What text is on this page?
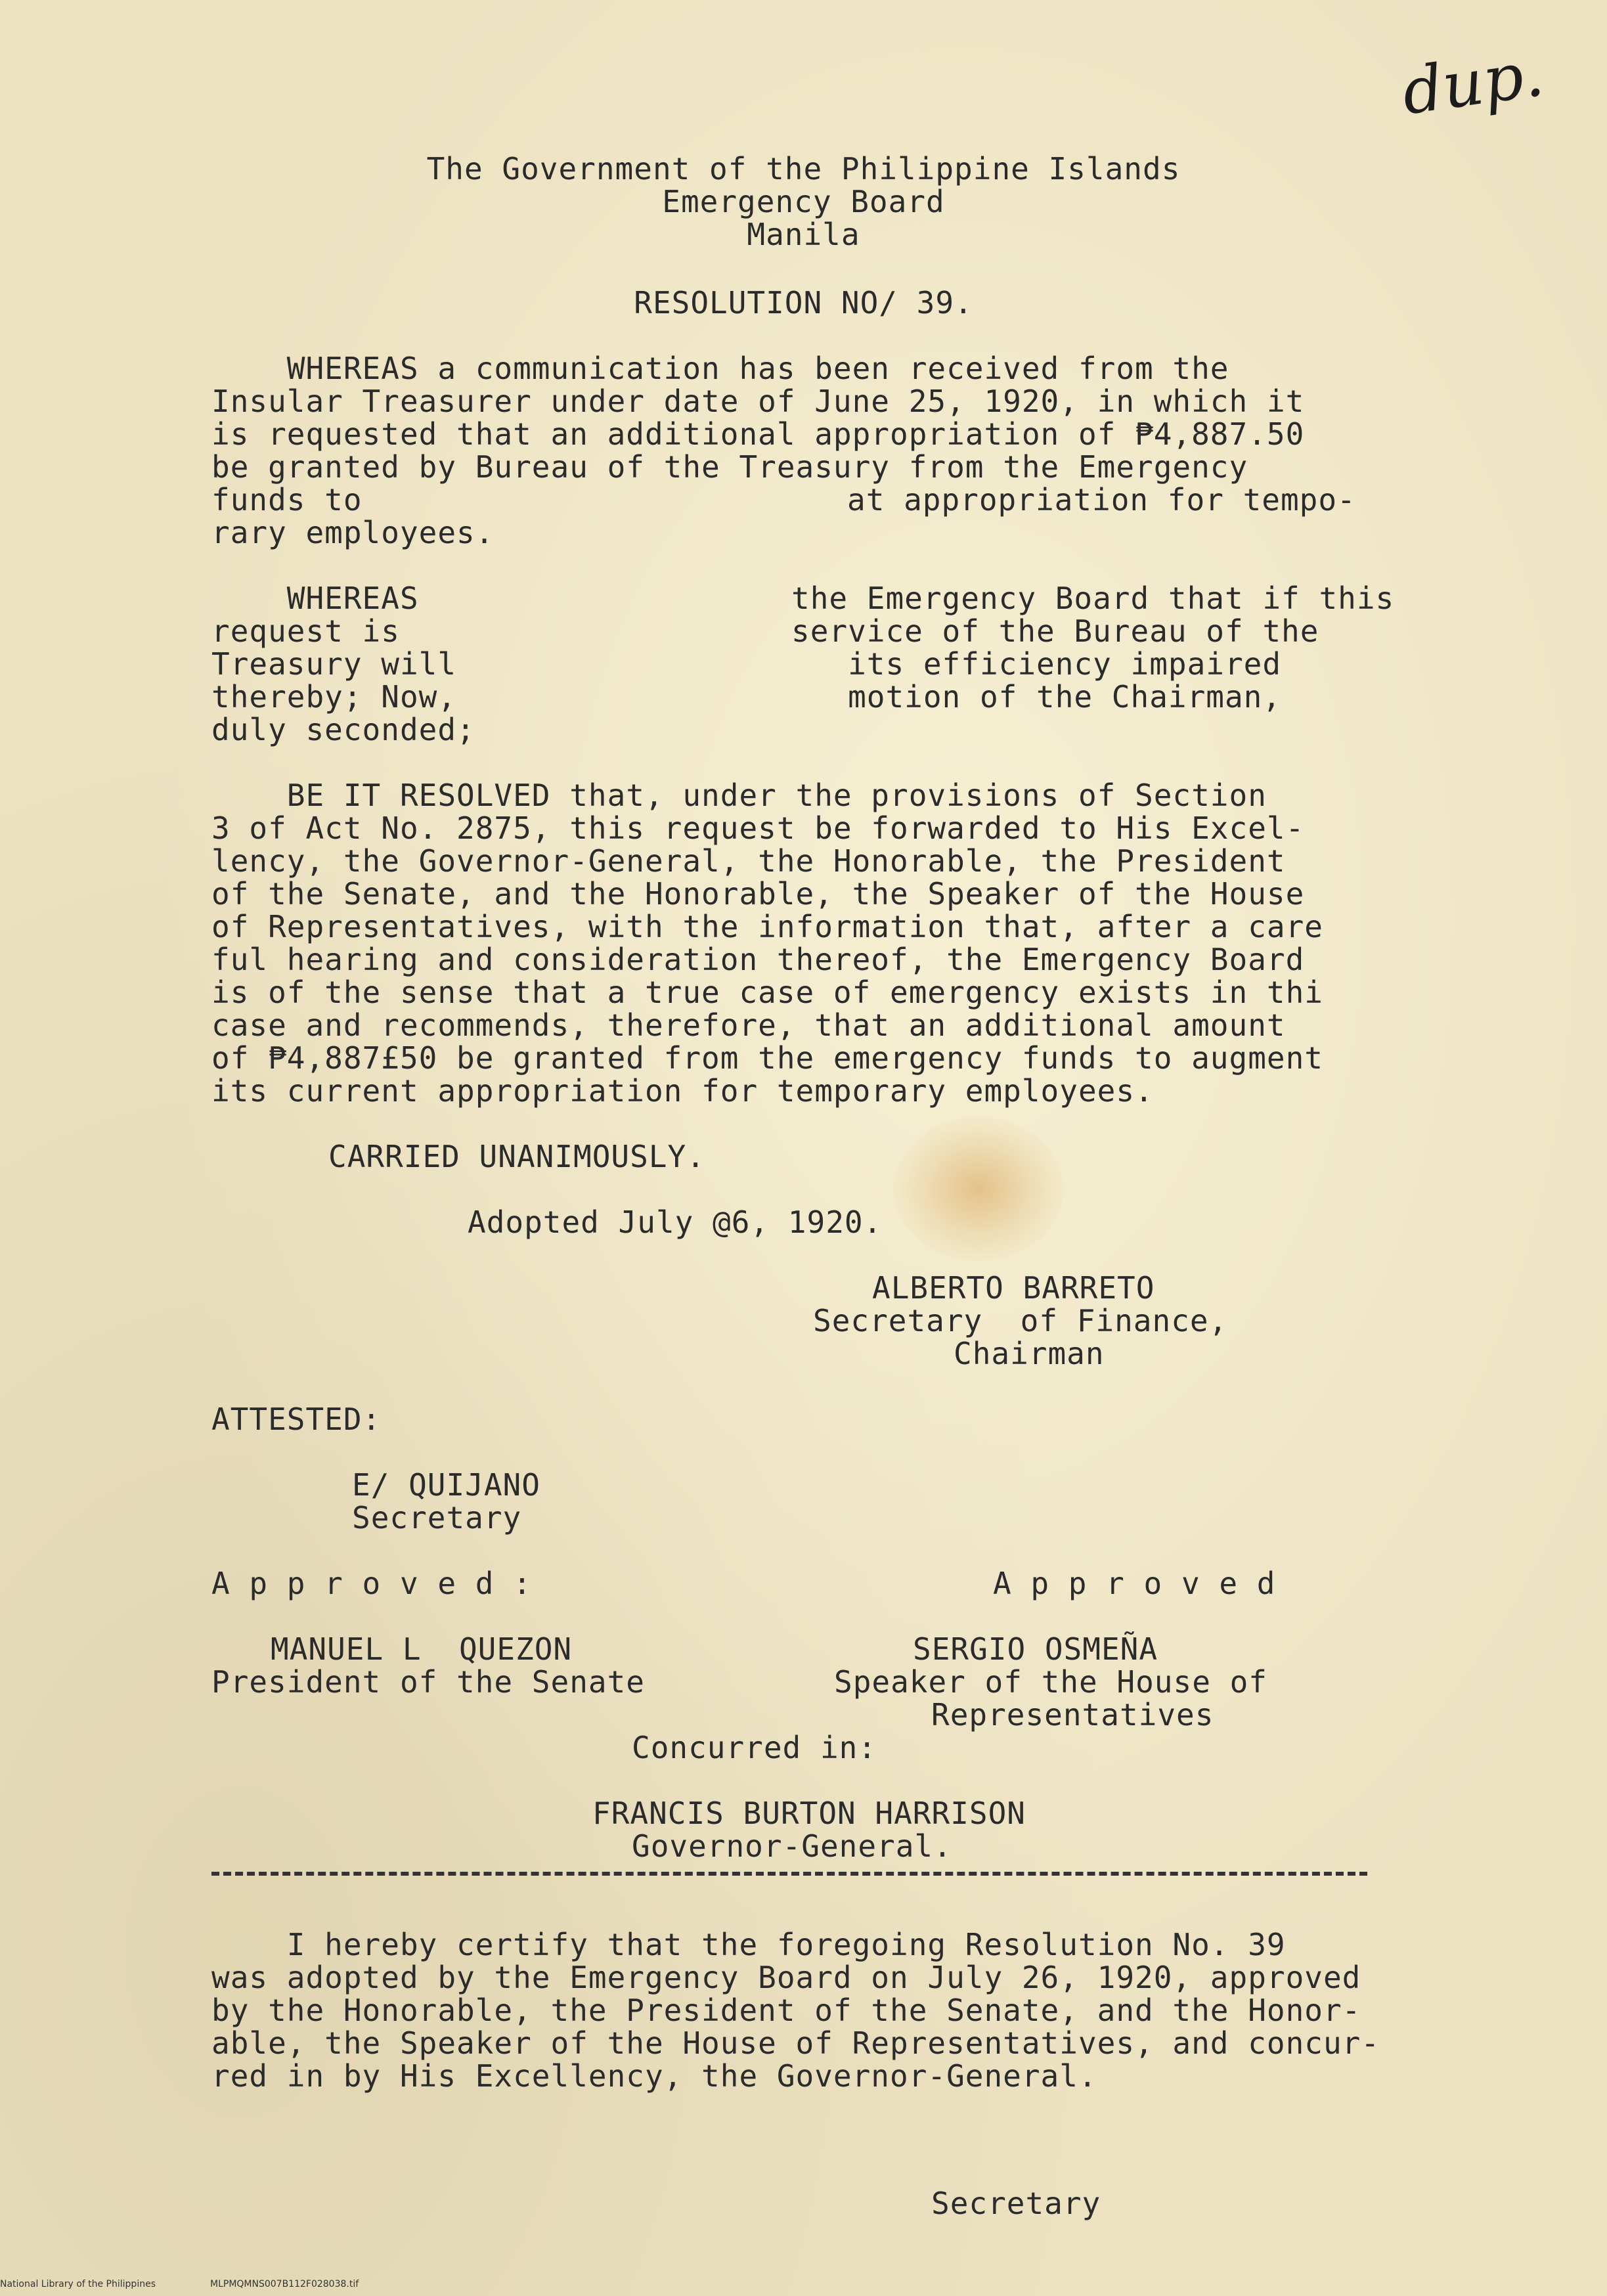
dup.
The Government of the Philippine Islands
Emergency Board
Manila
RESOLUTION NO/ 39.
WHEREAS a communication has been received from the
Insular Treasurer under date of June 25, 1920, in which it
is requested that an additional appropriation of ₱4,887.50
be granted by Bureau of the Treasury from the Emergency
funds to	at appropriation for tempo-
rary employees.
WHEREAS
request is
Treasury will
thereby; Now,
duly seconded;
the Emergency Board that if this
service of the Bureau of the
its efficiency impaired
motion of the Chairman,
BE IT RESOLVED that, under the provisions of Section
3 of Act No. 2875, this request be forwarded to His Excel-
lency, the Governor-General, the Honorable, the President
of the Senate, and the Honorable, the Speaker of the House
of Representatives, with the information that, after a care
ful hearing and consideration thereof, the Emergency Board
is of the sense that a true case of emergency exists in thi
case and recommends, therefore, that an additional amount
of ₱4,887£50 be granted from the emergency funds to augment
its current appropriation for temporary employees.
CARRIED UNANIMOUSLY.
Adopted July @6, 1920.
ALBERTO BARRETO
Secretary  of Finance,
Chairman
ATTESTED:
E/ QUIJANO
Secretary
A p p r o v e d :	A p p r o v e d
MANUEL L  QUEZON
President of the Senate
SERGIO OSMEÑA
Speaker of the House of
Representatives
Concurred in:
FRANCIS BURTON HARRISON
Governor-General.
I hereby certify that the foregoing Resolution No. 39
was adopted by the Emergency Board on July 26, 1920, approved
by the Honorable, the President of the Senate, and the Honor-
able, the Speaker of the House of Representatives, and concur-
red in by His Excellency, the Governor-General.
Secretary
National Library of the Philippines	MLPMQMNS007B112F028038.tif
